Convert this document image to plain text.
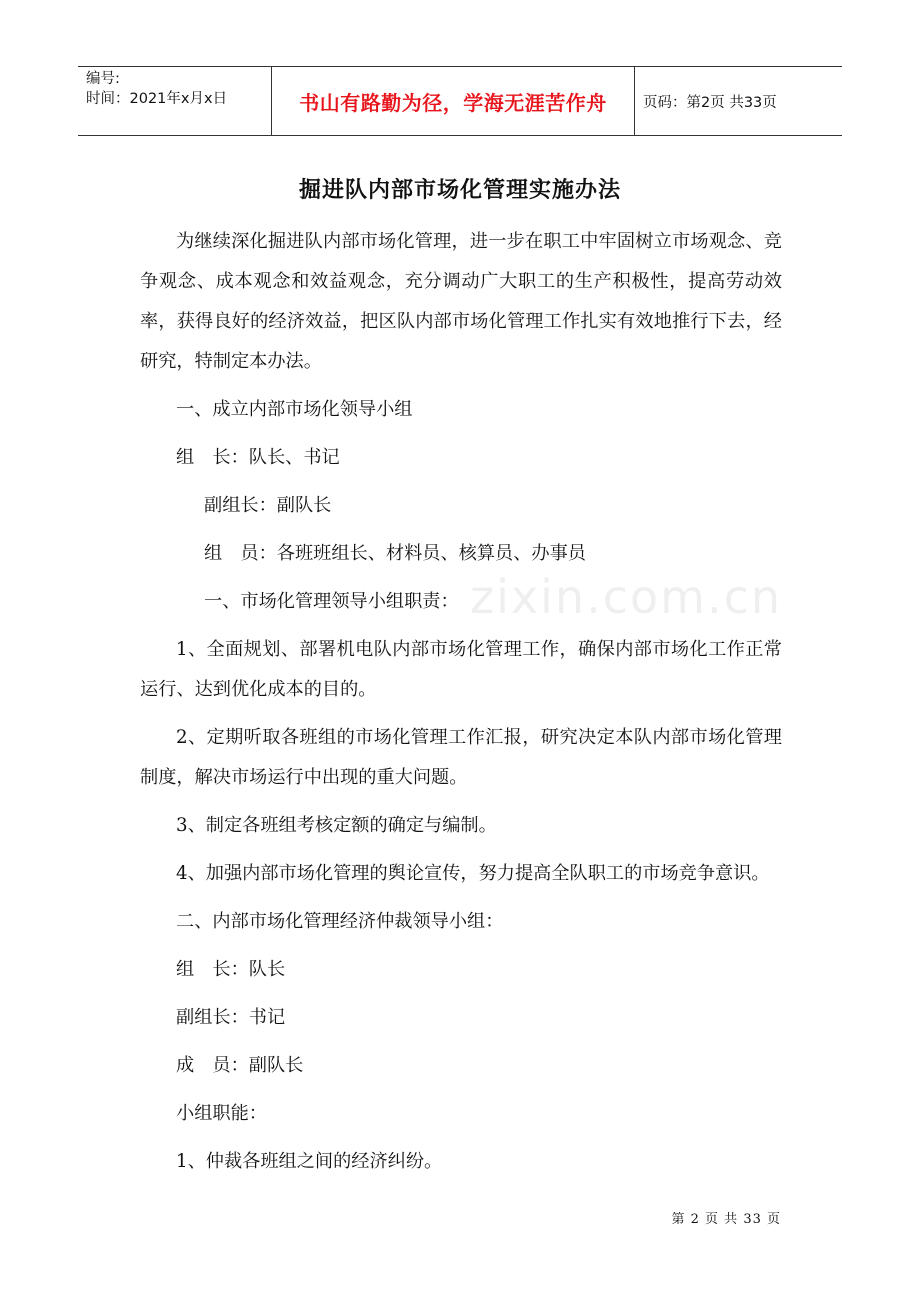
编号:
时间：2021年x月x日	书山有路勤为径，学海无涯苦作舟	页码：第2页 共33页
掘进队内部市场化管理实施办法
zixin.com.cn

为继续深化掘进队内部市场化管理，进一步在职工中牢固树立市场观念、竞争观念、成本观念和效益观念，充分调动广大职工的生产积极性，提高劳动效率，获得良好的经济效益，把区队内部市场化管理工作扎实有效地推行下去，经研究，特制定本办法。

一、成立内部市场化领导小组

组　长：队长、书记

副组长：副队长

组　员：各班班组长、材料员、核算员、办事员

一、市场化管理领导小组职责：

1、全面规划、部署机电队内部市场化管理工作，确保内部市场化工作正常运行、达到优化成本的目的。

2、定期听取各班组的市场化管理工作汇报，研究决定本队内部市场化管理制度，解决市场运行中出现的重大问题。

3、制定各班组考核定额的确定与编制。

4、加强内部市场化管理的舆论宣传，努力提高全队职工的市场竞争意识。

二、内部市场化管理经济仲裁领导小组：

组　长：队长

副组长：书记

成　员：副队长

小组职能：

1、仲裁各班组之间的经济纠纷。

第 2 页 共 33 页
